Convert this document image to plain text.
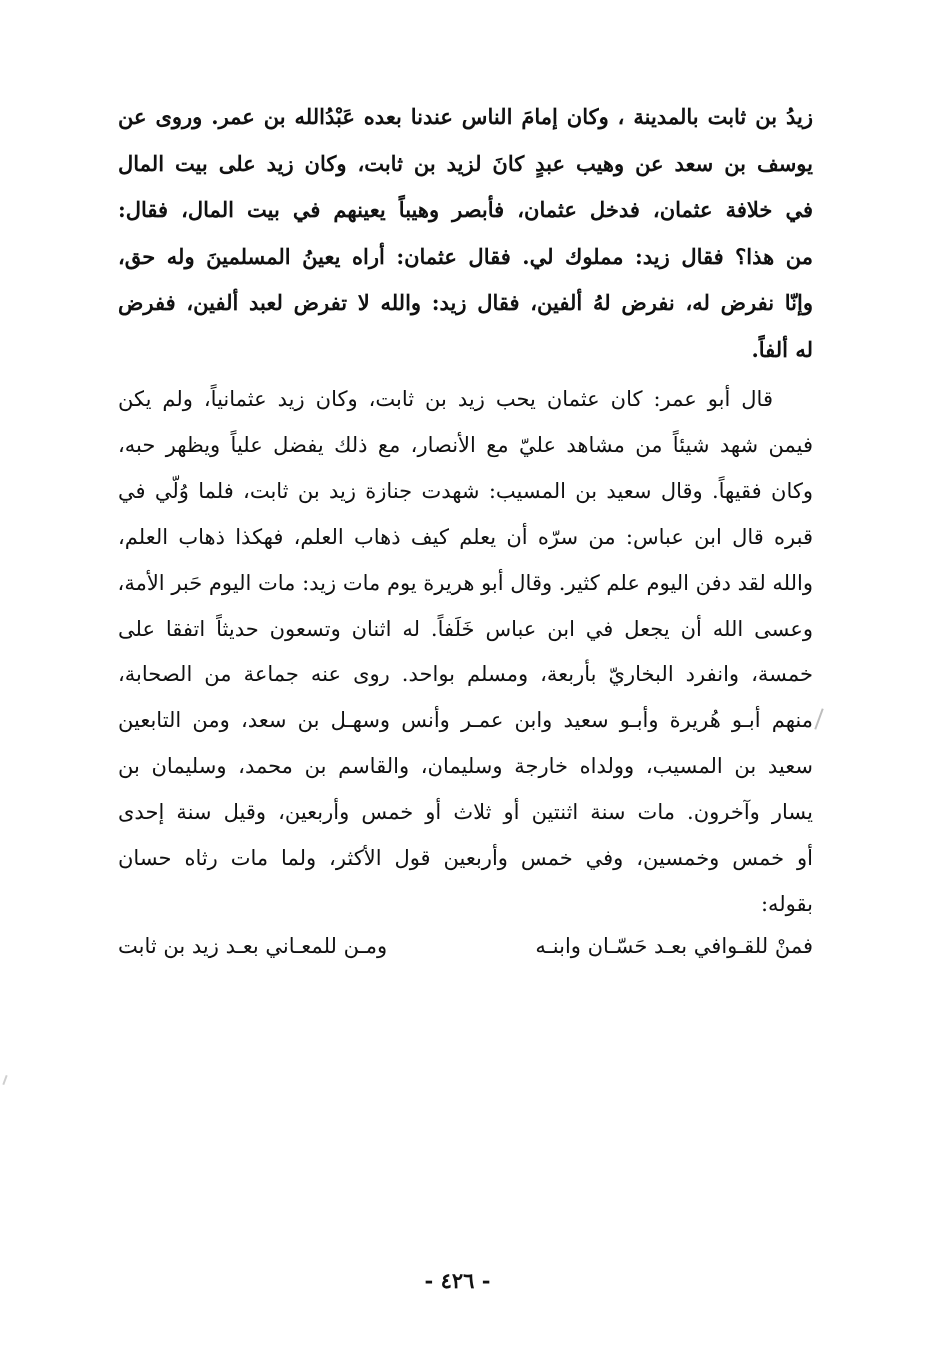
زيدُ بن ثابت بالمدينة ، وكان إمامَ الناس عندنا بعده عَبْدُالله بن عمر. وروى عن
يوسف بن سعد عن وهيب عبدٍ كانَ لزيد بن ثابت، وكان زيد على بيت المال
في خلافة عثمان، فدخل عثمان، فأبصر وهيباً يعينهم في بيت المال، فقال:
من هذا؟ فقال زيد: مملوك لي. فقال عثمان: أراه يعينُ المسلمينَ وله حق،
وإنّا نفرض له، نفرض لهُ ألفين، فقال زيد: والله لا تفرض لعبد ألفين، ففرض
له ألفاً.
قال أبو عمر: كان عثمان يحب زيد بن ثابت، وكان زيد عثمانياً، ولم يكن
فيمن شهد شيئاً من مشاهد عليّ مع الأنصار، مع ذلك يفضل علياً ويظهر حبه،
وكان فقيهاً. وقال سعيد بن المسيب: شهدت جنازة زيد بن ثابت، فلما وُلّي في
قبره قال ابن عباس: من سرّه أن يعلم كيف ذهاب العلم، فهكذا ذهاب العلم،
والله لقد دفن اليوم علم كثير. وقال أبو هريرة يوم مات زيد: مات اليوم حَبر الأمة،
وعسى الله أن يجعل في ابن عباس خَلَفاً. له اثنان وتسعون حديثاً اتفقا على
خمسة، وانفرد البخاريّ بأربعة، ومسلم بواحد. روى عنه جماعة من الصحابة،
منهم أبـو هُريرة وأبـو سعيد وابن عمـر وأنس وسهـل بن سعد، ومن التابعين
سعيد بن المسيب، وولداه خارجة وسليمان، والقاسم بن محمد، وسليمان بن
يسار وآخرون. مات سنة اثنتين أو ثلاث أو خمس وأربعين، وقيل سنة إحدى
أو خمس وخمسين، وفي خمس وأربعين قول الأكثر، ولما مات رثاه حسان
بقوله:
فمنْ للقـوافي بعـد حَسّـان وابنـه
ومـن للمعـاني بعـد زيد بن ثابت
- ٤٢٦ -
